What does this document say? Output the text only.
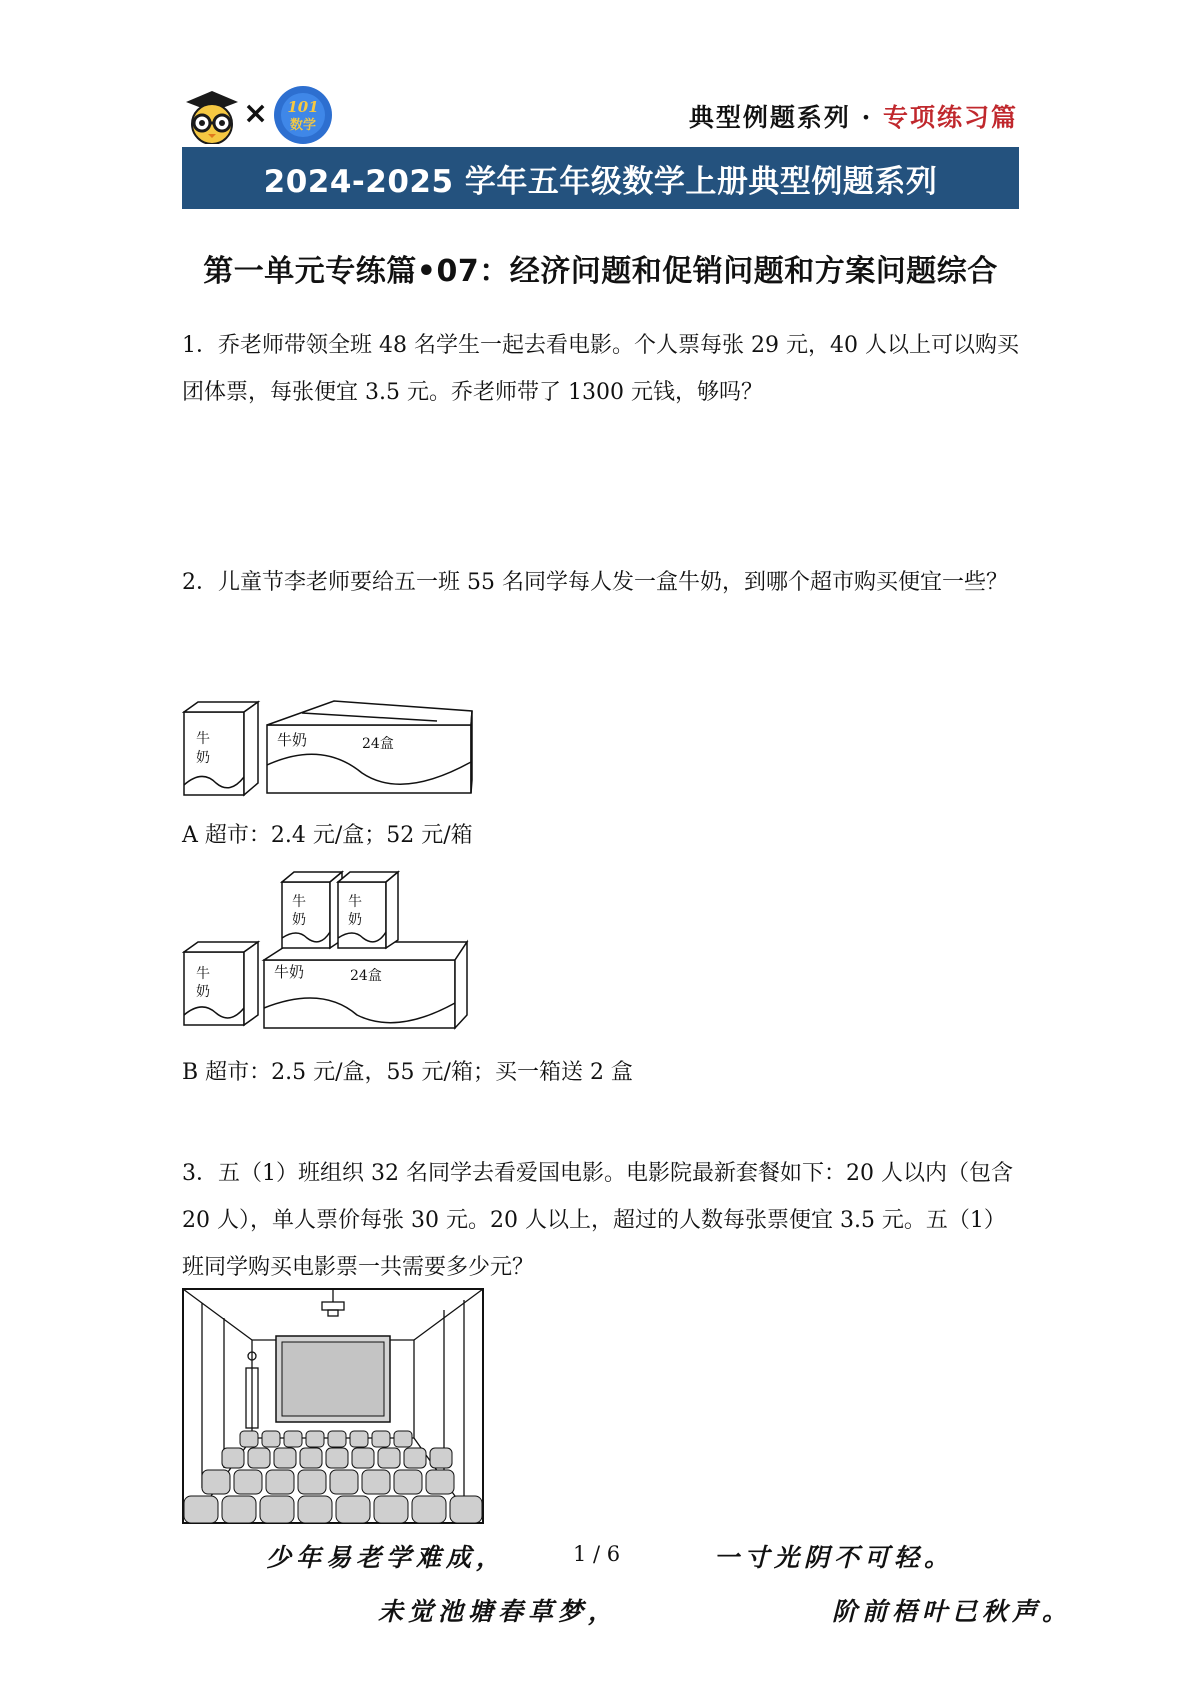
× 101
数学	典型例题系列 · 专项练习篇
2024-2025 学年五年级数学上册典型例题系列
第一单元专练篇•07：经济问题和促销问题和方案问题综合
1．乔老师带领全班 48 名学生一起去看电影。个人票每张 29 元，40 人以上可以购买团体票，每张便宜 3.5 元。乔老师带了 1300 元钱，够吗？
2．儿童节李老师要给五一班 55 名同学每人发一盒牛奶，到哪个超市购买便宜一些？
牛
奶
牛奶	24盒
A 超市：2.4 元/盒；52 元/箱
牛
奶
牛
奶
牛
奶
牛奶	24盒
B 超市：2.5 元/盒，55 元/箱；买一箱送 2 盒
3．五（1）班组织 32 名同学去看爱国电影。电影院最新套餐如下：20 人以内（包含 20 人），单人票价每张 30 元。20 人以上，超过的人数每张票便宜 3.5 元。五（1）班同学购买电影票一共需要多少元？
少年易老学难成，	1 / 6	一寸光阴不可轻。
未觉池塘春草梦，	阶前梧叶已秋声。
